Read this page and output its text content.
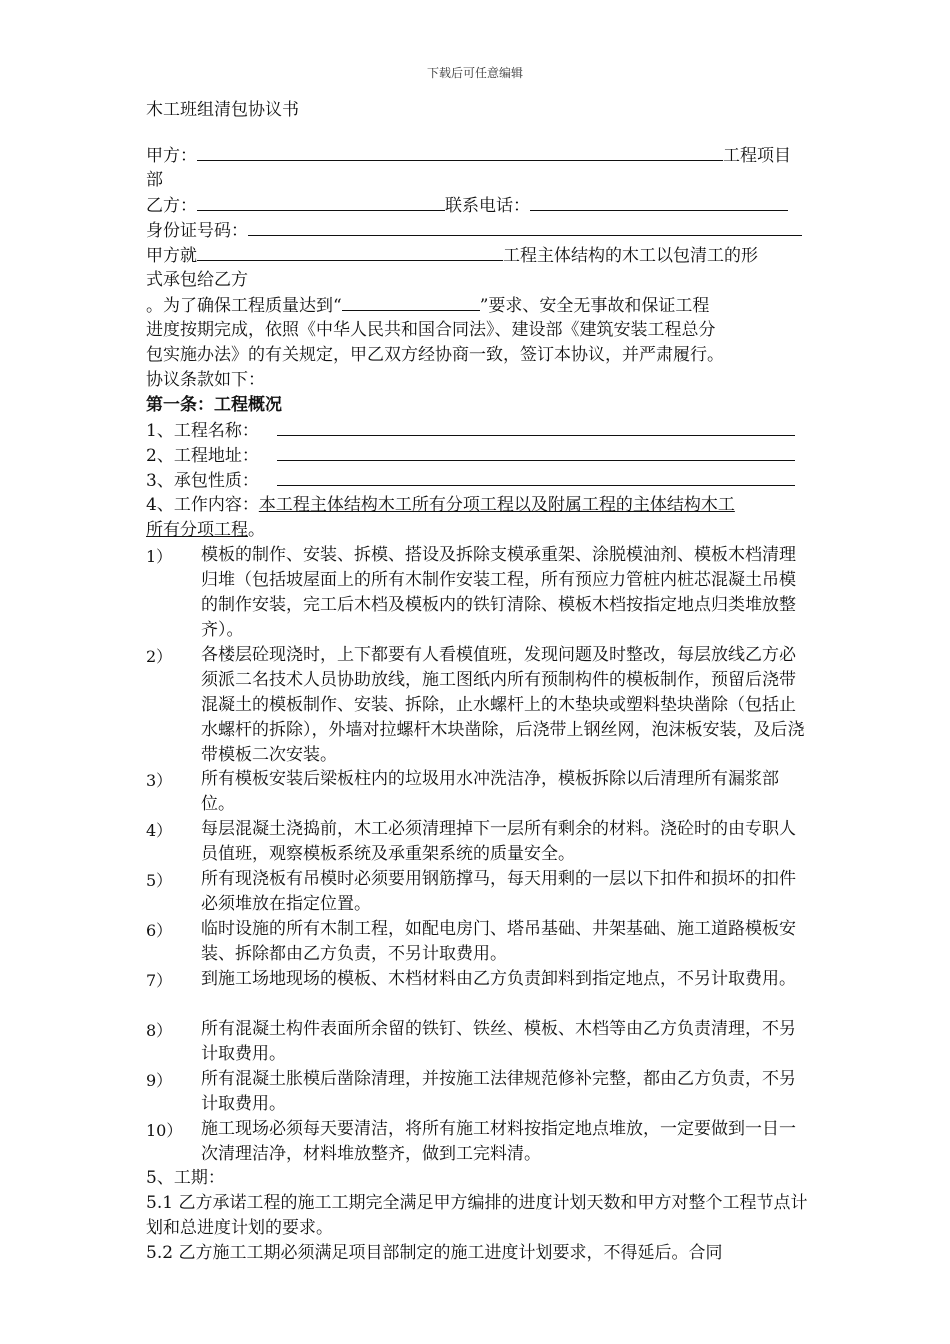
下载后可任意编辑
木工班组清包协议书
甲方：	工程项目
部
乙方：	联系电话：
身份证号码：
甲方就	工程主体结构的木工以包清工的形
式承包给乙方
。为了确保工程质量达到“	”要求、安全无事故和保证工程
进度按期完成，依照《中华人民共和国合同法》、建设部《建筑安装工程总分
包实施办法》的有关规定，甲乙双方经协商一致，签订本协议，并严肃履行。
协议条款如下：
第一条：工程概况
1、工程名称：
2、工程地址：
3、承包性质：
4、工作内容：本工程主体结构木工所有分项工程以及附属工程的主体结构木工
所有分项工程。
1）	模板的制作、安装、拆模、搭设及拆除支模承重架、涂脱模油剂、模板木档清理归堆（包括坡屋面上的所有木制作安装工程，所有预应力管桩内桩芯混凝土吊模的制作安装，完工后木档及模板内的铁钉清除、模板木档按指定地点归类堆放整齐）。
2）	各楼层砼现浇时，上下都要有人看模值班，发现问题及时整改，每层放线乙方必须派二名技术人员协助放线，施工图纸内所有预制构件的模板制作，预留后浇带混凝土的模板制作、安装、拆除，止水螺杆上的木垫块或塑料垫块凿除（包括止水螺杆的拆除），外墙对拉螺杆木块凿除，后浇带上钢丝网，泡沫板安装，及后浇带模板二次安装。
3）	所有模板安装后梁板柱内的垃圾用水冲洗洁净，模板拆除以后清理所有漏浆部位。
4）	每层混凝土浇捣前，木工必须清理掉下一层所有剩余的材料。浇砼时的由专职人员值班，观察模板系统及承重架系统的质量安全。
5）	所有现浇板有吊模时必须要用钢筋撑马，每天用剩的一层以下扣件和损坏的扣件必须堆放在指定位置。
6）	临时设施的所有木制工程，如配电房门、塔吊基础、井架基础、施工道路模板安装、拆除都由乙方负责，不另计取费用。
7）	到施工场地现场的模板、木档材料由乙方负责卸料到指定地点，不另计取费用。
8）	所有混凝土构件表面所余留的铁钉、铁丝、模板、木档等由乙方负责清理，不另计取费用。
9）	所有混凝土胀模后凿除清理，并按施工法律规范修补完整，都由乙方负责，不另计取费用。
10）	施工现场必须每天要清洁，将所有施工材料按指定地点堆放，一定要做到一日一次清理洁净，材料堆放整齐，做到工完料清。
5、工期：
5.1 乙方承诺工程的施工工期完全满足甲方编排的进度计划天数和甲方对整个工程节点计划和总进度计划的要求。
5.2 乙方施工工期必须满足项目部制定的施工进度计划要求，不得延后。合同
